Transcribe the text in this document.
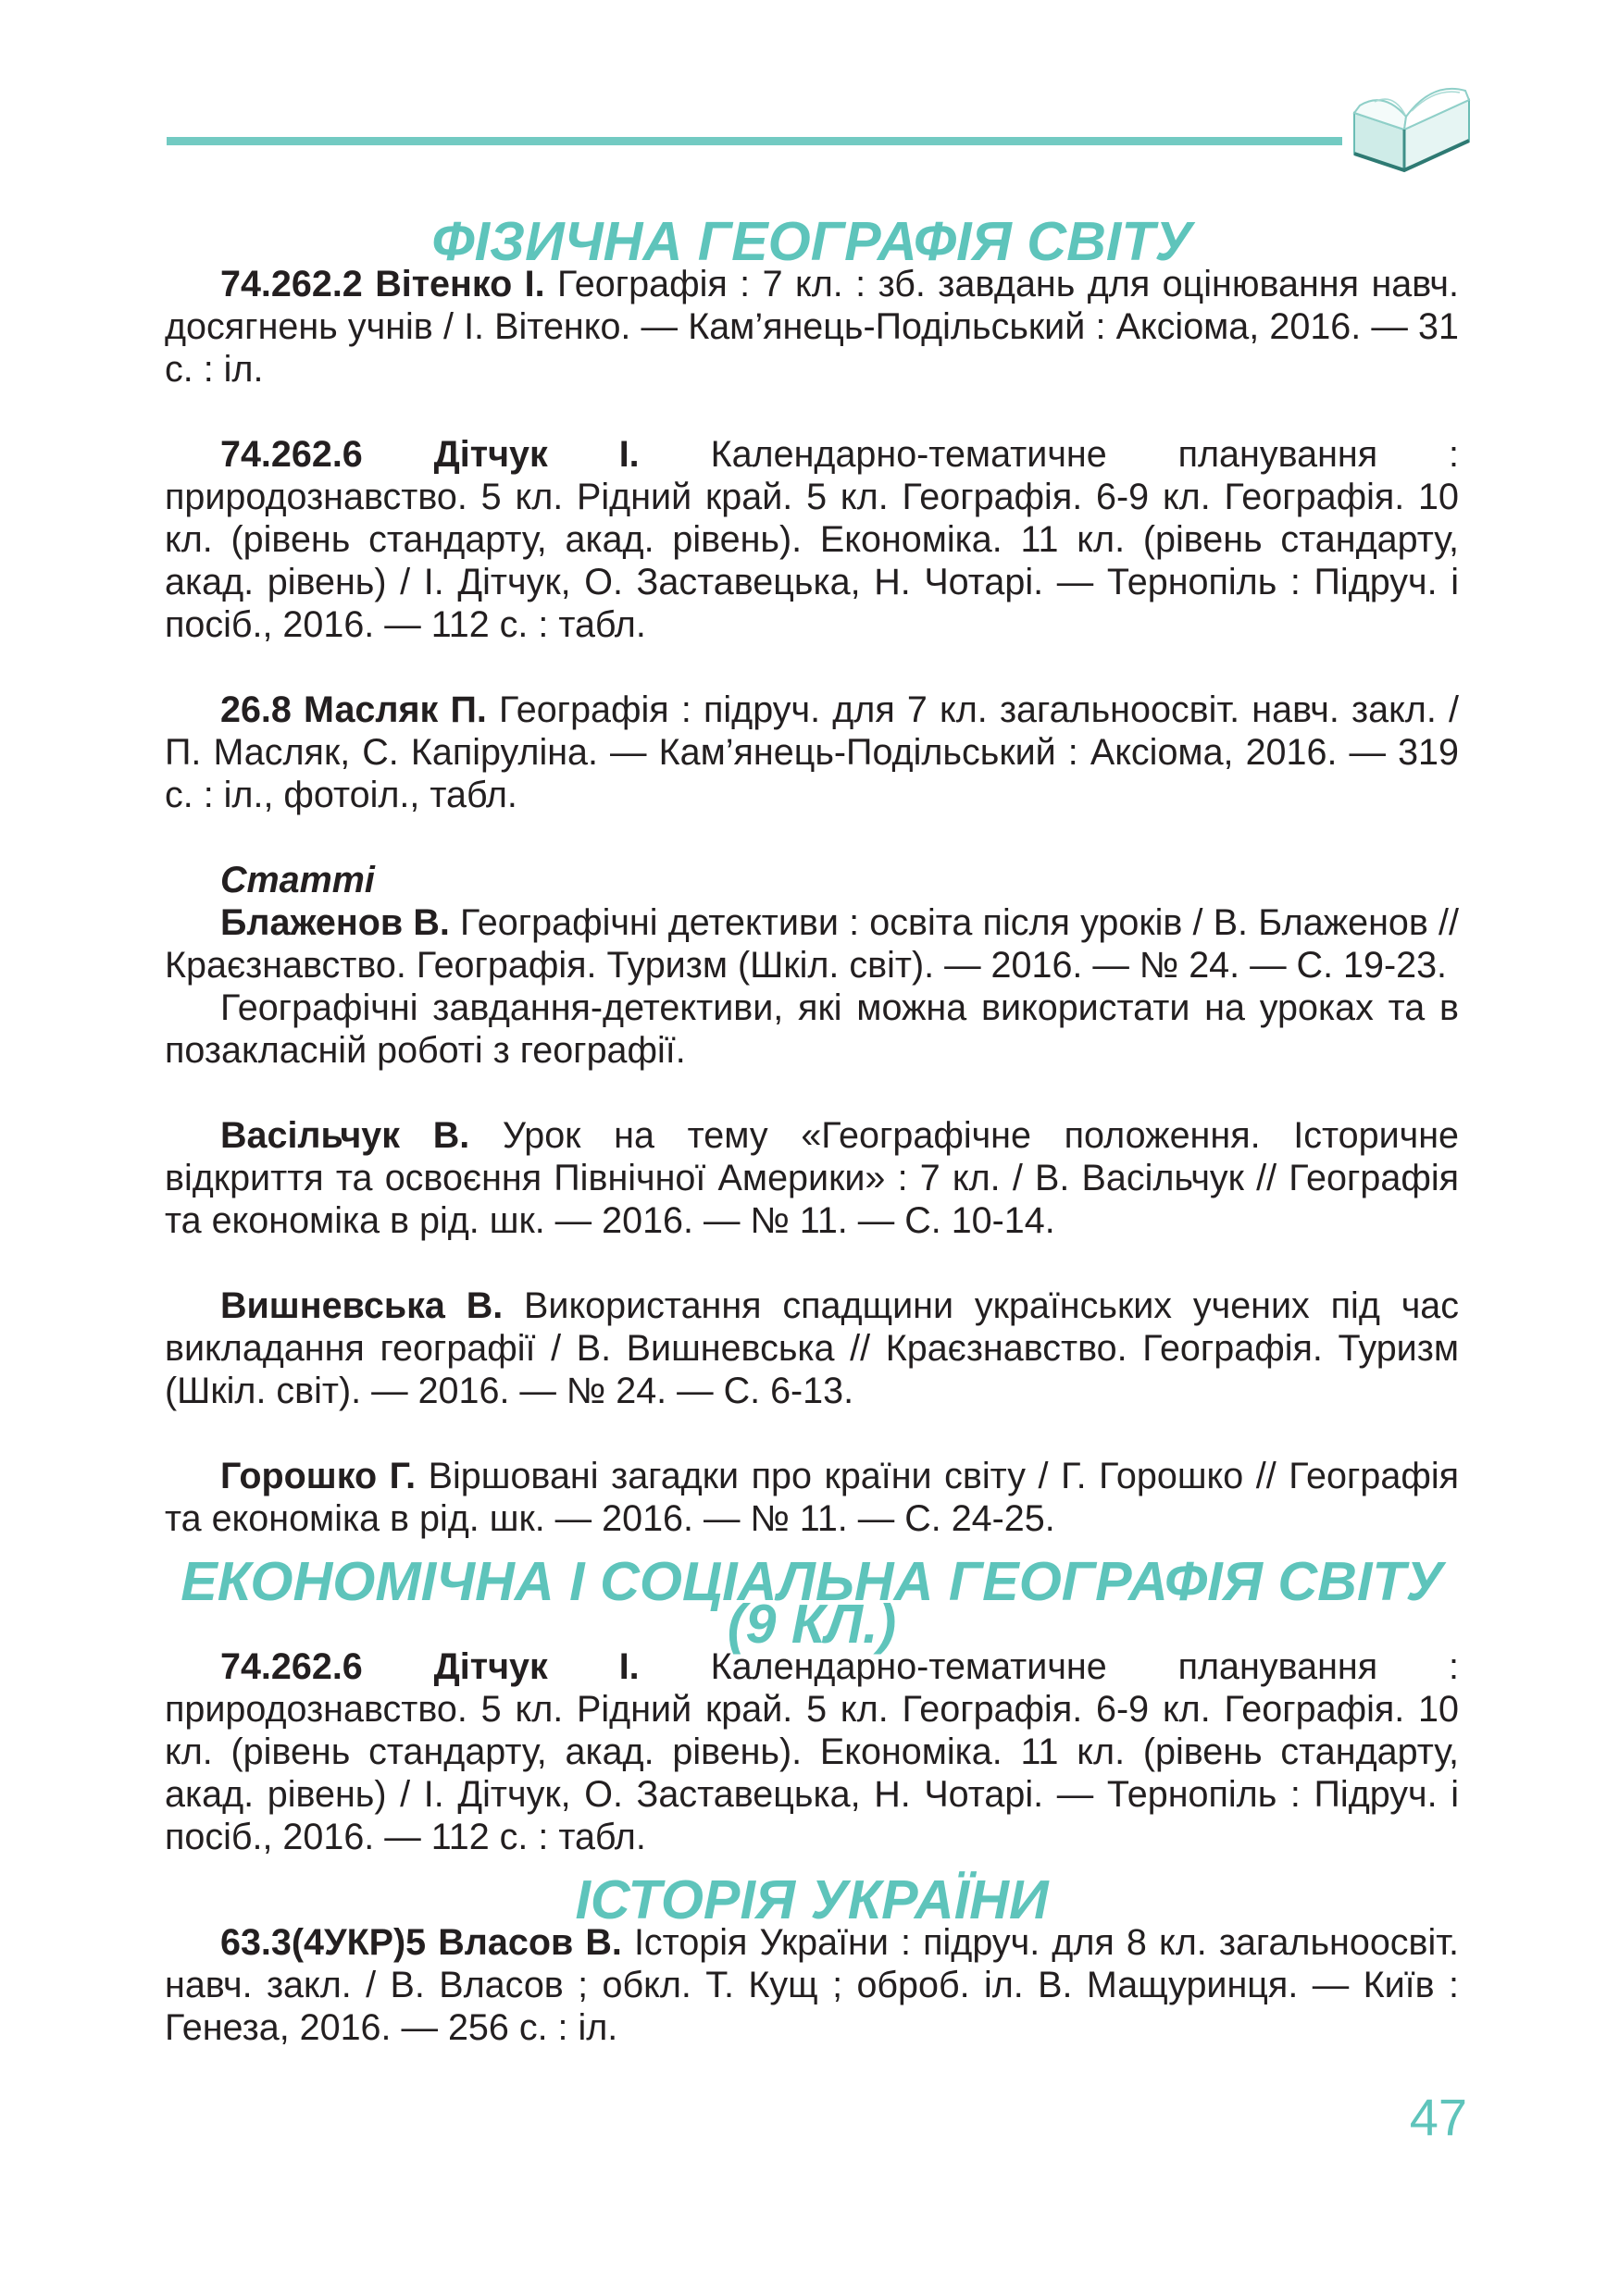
ФІЗИЧНА ГЕОГРАФІЯ СВІТУ

74.262.2 Вітенко І. Географія : 7 кл. : зб. завдань для оцінювання навч. досягнень учнів / І. Вітенко. — Кам’янець-Подільський : Аксіома, 2016. — 31 с. : іл.

74.262.6 Дітчук І. Календарно-тематичне планування : природознавство. 5 кл. Рідний край. 5 кл. Географія. 6-9 кл. Географія. 10 кл. (рівень стандарту, акад. рівень). Економіка. 11 кл. (рівень стандарту, акад. рівень) / І. Дітчук, О. Заставецька, Н. Чотарі. — Тернопіль : Підруч. і посіб., 2016. — 112 с. : табл.

26.8 Масляк П. Географія : підруч. для 7 кл. загальноосвіт. навч. закл. / П. Масляк, С. Капіруліна. — Кам’янець-Подільський : Аксіома, 2016. — 319 с. : іл., фотоіл., табл.

Статті

Блаженов В. Географічні детективи : освіта після уроків / В. Блаженов // Краєзнавство. Географія. Туризм (Шкіл. світ). — 2016. — № 24. — С. 19-23.

Географічні завдання-детективи, які можна використати на уроках та в позакласній роботі з географії.

Васільчук В. Урок на тему «Географічне положення. Історичне відкриття та освоєння Північної Америки» : 7 кл. / В. Васільчук // Географія та економіка в рід. шк. — 2016. — № 11. — С. 10-14.

Вишневська В. Використання спадщини українських учених під час викладання географії / В. Вишневська // Краєзнавство. Географія. Туризм (Шкіл. світ). — 2016. — № 24. — С. 6-13.

Горошко Г. Віршовані загадки про країни світу / Г. Горошко // Географія та економіка в рід. шк. — 2016. — № 11. — С. 24-25.

ЕКОНОМІЧНА І СОЦІАЛЬНА ГЕОГРАФІЯ СВІТУ (9 КЛ.)

74.262.6 Дітчук І. Календарно-тематичне планування : природознавство. 5 кл. Рідний край. 5 кл. Географія. 6-9 кл. Географія. 10 кл. (рівень стандарту, акад. рівень). Економіка. 11 кл. (рівень стандарту, акад. рівень) / І. Дітчук, О. Заставецька, Н. Чотарі. — Тернопіль : Підруч. і посіб., 2016. — 112 с. : табл.

ІСТОРІЯ УКРАЇНИ

63.3(4УКР)5 Власов В. Історія України : підруч. для 8 кл. загальноосвіт. навч. закл. / В. Власов ; обкл. Т. Кущ ; оброб. іл. В. Мащуринця. — Київ : Генеза, 2016. — 256 с. : іл.

47
